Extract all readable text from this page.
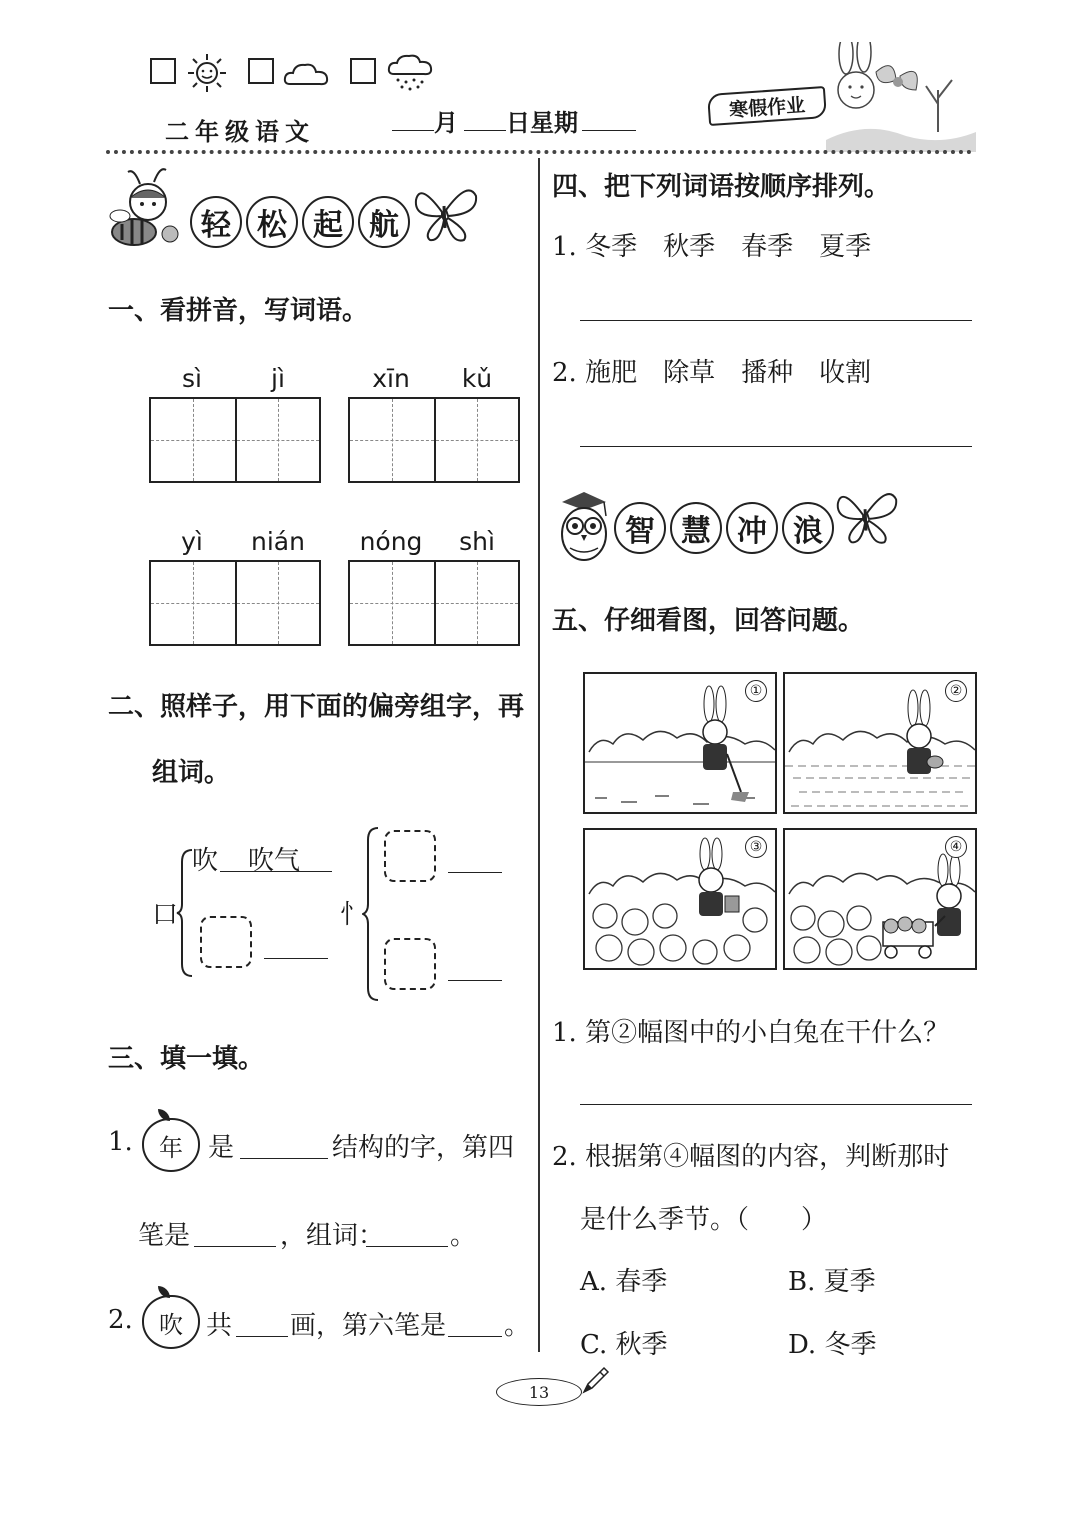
二年级语文	月 日星期
寒假作业
轻 松 起 航
一、看拼音，写词语。
sì	jì	xīn	kǔ
yì	nián	nóng	shì
二、照样子，用下面的偏旁组字，再
组词。
口
吹 吹气
忄
三、填一填。
1. 年 是	结构的字，第四
笔是	，组词：	。
2. 吹 共 画，第六笔是 。
四、把下列词语按顺序排列。
1. 冬季　秋季　春季　夏季
2. 施肥　除草　播种　收割
智 慧 冲 浪
五、仔细看图，回答问题。
①	②
③	④
1. 第②幅图中的小白兔在干什么？
2. 根据第④幅图的内容，判断那时
是什么季节。（　　）
A. 春季	B. 夏季
C. 秋季	D. 冬季
13
